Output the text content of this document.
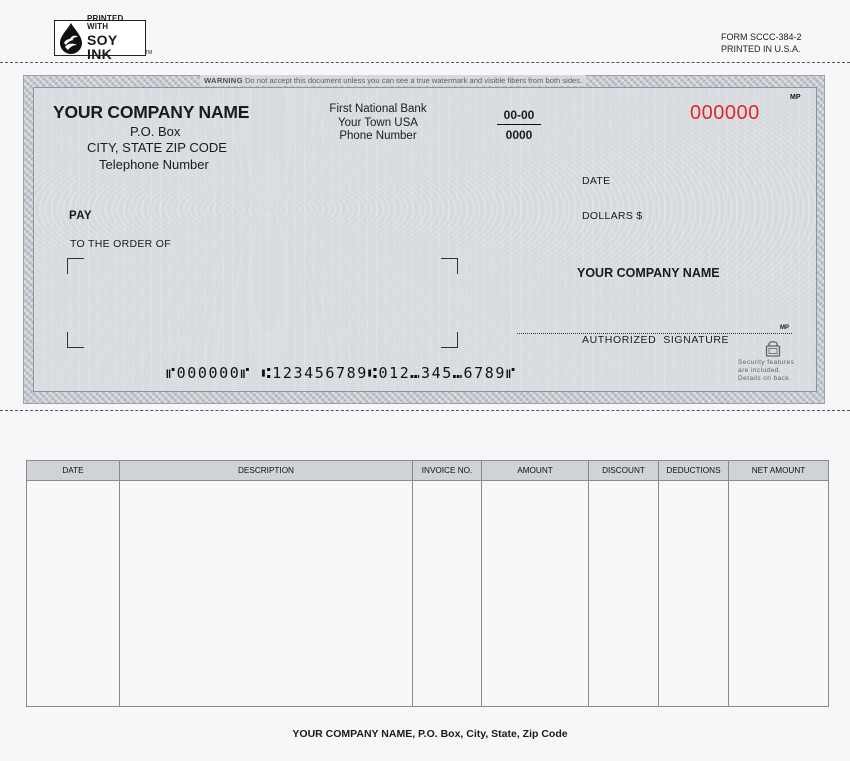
PRINTED WITH
SOY INK	TM
FORM SCCC-384-2
PRINTED IN U.S.A.
WARNING Do not accept this document unless you can see a true watermark and visible fibers from both sides.
YOUR COMPANY NAME
P.O. Box
CITY, STATE ZIP CODE
Telephone Number
First National Bank
Your Town USA
Phone Number	$\frac{00-00}{0000}$
MP
000000
DATE
DOLLARS $
PAY
TO THE ORDER OF
YOUR COMPANY NAME
MP
AUTHORIZED  SIGNATURE
Security features
are included.
Details on back.
⑈000000⑈ ⑆123456789⑆012⑉345⑉6789⑈
DATE	DESCRIPTION	INVOICE NO.	AMOUNT	DISCOUNT	DEDUCTIONS	NET AMOUNT
YOUR COMPANY NAME, P.O. Box, City, State, Zip Code
